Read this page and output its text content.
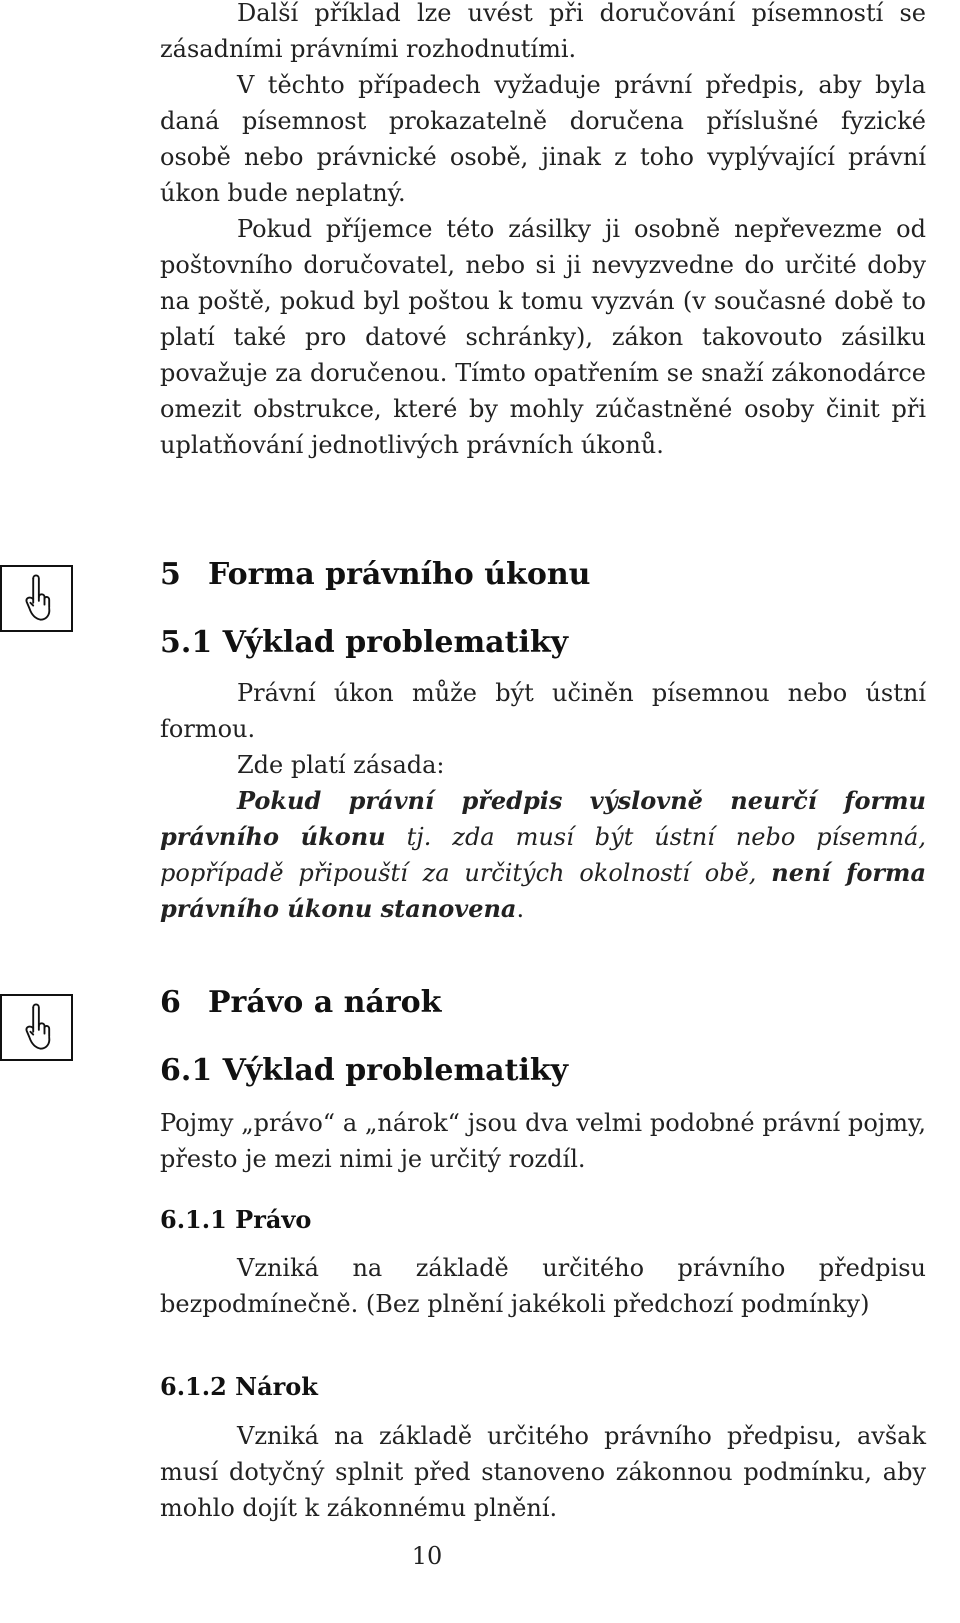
Další příklad lze uvést při doručování písemností se zásadními právními rozhodnutími.

V těchto případech vyžaduje právní předpis, aby byla daná písemnost prokazatelně doručena příslušné fyzické osobě nebo právnické osobě, jinak z toho vyplývající právní úkon bude neplatný.

Pokud příjemce této zásilky ji osobně nepřevezme od poštovního doručovatel, nebo si ji nevyzvedne do určité doby na poště, pokud byl poštou k tomu vyzván (v současné době to platí také pro datové schránky), zákon takovouto zásilku považuje za doručenou. Tímto opatřením se snaží zákonodárce omezit obstrukce, které by mohly zúčastněné osoby činit při uplatňování jednotlivých právních úkonů.

5 Forma právního úkonu
5.1 Výklad problematiky

Právní úkon může být učiněn písemnou nebo ústní formou.

Zde platí zásada:

Pokud právní předpis výslovně neurčí formu právního úkonu tj. zda musí být ústní nebo písemná, popřípadě připouští za určitých okolností obě, není forma právního úkonu stanovena.

6 Právo a nárok
6.1 Výklad problematiky

Pojmy „právo“ a „nárok“ jsou dva velmi podobné právní pojmy, přesto je mezi nimi je určitý rozdíl.

6.1.1 Právo

Vzniká na základě určitého právního předpisu bezpodmínečně. (Bez plnění jakékoli předchozí podmínky)

6.1.2 Nárok

Vzniká na základě určitého právního předpisu, avšak musí dotyčný splnit před stanoveno zákonnou podmínku, aby mohlo dojít k zákonnému plnění.

10
